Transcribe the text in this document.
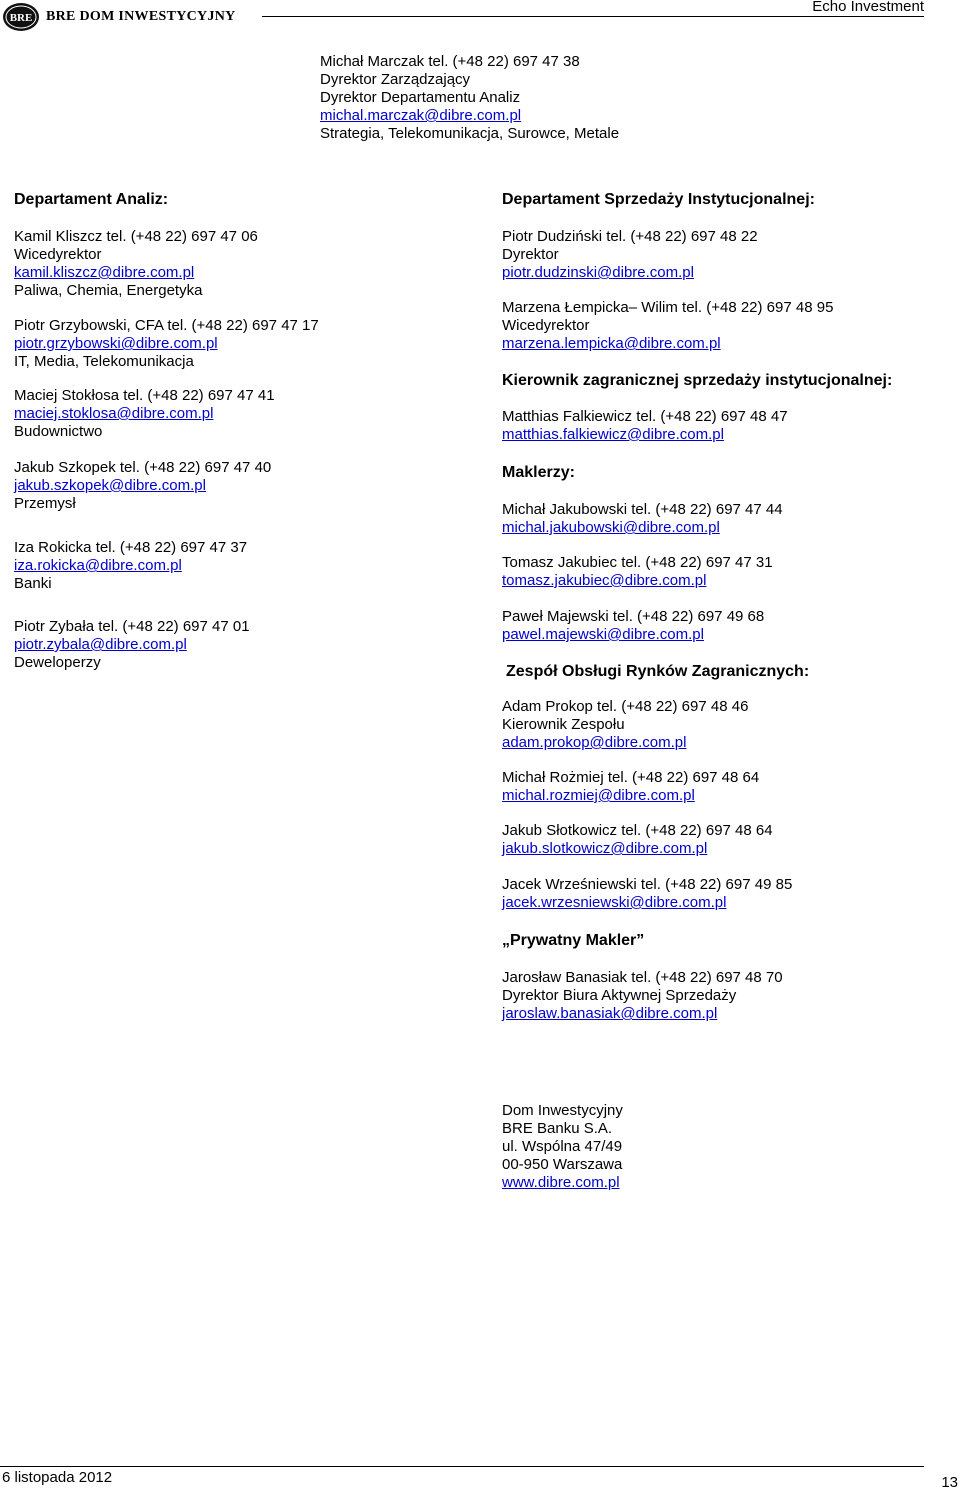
BRE BRE DOM INWESTYCYJNY
Echo Investment
Michał Marczak tel. (+48 22) 697 47 38
Dyrektor Zarządzający
Dyrektor Departamentu Analiz
michal.marczak@dibre.com.pl
Strategia, Telekomunikacja, Surowce, Metale
Departament Analiz:
Kamil Kliszcz tel. (+48 22) 697 47 06
Wicedyrektor
kamil.kliszcz@dibre.com.pl
Paliwa, Chemia, Energetyka
Piotr Grzybowski, CFA tel. (+48 22) 697 47 17
piotr.grzybowski@dibre.com.pl
IT, Media, Telekomunikacja
Maciej Stokłosa tel. (+48 22) 697 47 41
maciej.stoklosa@dibre.com.pl
Budownictwo
Jakub Szkopek tel. (+48 22) 697 47 40
jakub.szkopek@dibre.com.pl
Przemysł
Iza Rokicka tel. (+48 22) 697 47 37
iza.rokicka@dibre.com.pl
Banki
Piotr Zybała tel. (+48 22) 697 47 01
piotr.zybala@dibre.com.pl
Deweloperzy
Departament Sprzedaży Instytucjonalnej:
Piotr Dudziński tel. (+48 22) 697 48 22
Dyrektor
piotr.dudzinski@dibre.com.pl
Marzena Łempicka– Wilim tel. (+48 22) 697 48 95
Wicedyrektor
marzena.lempicka@dibre.com.pl
Kierownik zagranicznej sprzedaży instytucjonalnej:
Matthias Falkiewicz tel. (+48 22) 697 48 47
matthias.falkiewicz@dibre.com.pl
Maklerzy:
Michał Jakubowski tel. (+48 22) 697 47 44
michal.jakubowski@dibre.com.pl
Tomasz Jakubiec tel. (+48 22) 697 47 31
tomasz.jakubiec@dibre.com.pl
Paweł Majewski tel. (+48 22) 697 49 68
pawel.majewski@dibre.com.pl
Zespół Obsługi Rynków Zagranicznych:
Adam Prokop tel. (+48 22) 697 48 46
Kierownik Zespołu
adam.prokop@dibre.com.pl
Michał Rożmiej tel. (+48 22) 697 48 64
michal.rozmiej@dibre.com.pl
Jakub Słotkowicz tel. (+48 22) 697 48 64
jakub.slotkowicz@dibre.com.pl
Jacek Wrześniewski tel. (+48 22) 697 49 85
jacek.wrzesniewski@dibre.com.pl
„Prywatny Makler”
Jarosław Banasiak tel. (+48 22) 697 48 70
Dyrektor Biura Aktywnej Sprzedaży
jaroslaw.banasiak@dibre.com.pl
Dom Inwestycyjny
BRE Banku S.A.
ul. Wspólna 47/49
00-950 Warszawa
www.dibre.com.pl
6 listopada 2012	13
